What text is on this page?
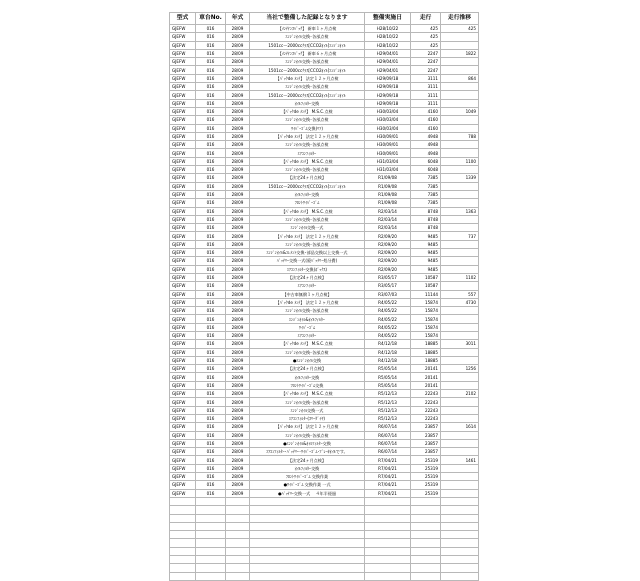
型式	車台No.	年式	当社で整備した記録となります	整備実施日	走行	走行推移
GJEFW	016	28/09	【ﾒﾝﾃﾅﾝｽﾊﾟｯｸ】 新車１ヶ月点検	H28/10/22	425	425
GJEFW	016	28/09	ｴﾝｼﾞﾝｵｲﾙ交換･各部点検	H28/10/22	425	
GJEFW	016	28/09	1501cc～2000ccｸﾗｽ[CCO2ｵｲﾙ]ｴﾝｼﾞﾝｵｲﾙ	H28/10/22	425	
GJEFW	016	28/09	【ﾒﾝﾃﾅﾝｽﾊﾟｯｸ】 新車６ヶ月点検	H29/04/01	2247	1822
GJEFW	016	28/09	ｴﾝｼﾞﾝｵｲﾙ交換･各部点検	H29/04/01	2247	
GJEFW	016	28/09	1501cc～2000ccｸﾗｽ[CCO2ｵｲﾙ]ｴﾝｼﾞﾝｵｲﾙ	H29/04/01	2247	
GJEFW	016	28/09	【ﾊﾟｯｸde ﾒﾝﾃ】 法定１２ヶ月点検	H29/09/18	3111	864
GJEFW	016	28/09	ｴﾝｼﾞﾝｵｲﾙ交換･各部点検	H29/09/18	3111	
GJEFW	016	28/09	1501cc～2000ccｸﾗｽ[CCO2ｵｲﾙ]ｴﾝｼﾞﾝｵｲﾙ	H29/09/18	3111	
GJEFW	016	28/09	ｵｲﾙﾌｨﾙﾀｰ交換	H29/09/18	3111	
GJEFW	016	28/09	【ﾊﾟｯｸde ﾒﾝﾃ】 M.S.C.点検	H30/03/04	4160	1049
GJEFW	016	28/09	ｴﾝｼﾞﾝｵｲﾙ交換･各部点検	H30/03/04	4160	
GJEFW	016	28/09	ﾜｲﾊﾟｰｺﾞﾑ交換(ﾘｱ)	H30/03/04	4160	
GJEFW	016	28/09	【ﾊﾟｯｸde ﾒﾝﾃ】 法定１２ヶ月点検	H30/09/01	4948	788
GJEFW	016	28/09	ｴﾝｼﾞﾝｵｲﾙ交換･各部点検	H30/09/01	4948	
GJEFW	016	28/09	ｴｱｺﾝﾌｨﾙﾀｰ	H30/09/01	4948	
GJEFW	016	28/09	【ﾊﾟｯｸde ﾒﾝﾃ】 M.S.C.点検	H31/03/04	6048	1100
GJEFW	016	28/09	ｴﾝｼﾞﾝｵｲﾙ交換･各部点検	H31/03/04	6048	
GJEFW	016	28/09	【法定24ヶ月点検】	R1/09/08	7385	1339
GJEFW	016	28/09	1501cc～2000ccｸﾗｽ[CCO2ｵｲﾙ]ｴﾝｼﾞﾝｵｲﾙ	R1/09/08	7385	
GJEFW	016	28/09	ｵｲﾙﾌｨﾙﾀｰ交換	R1/09/08	7385	
GJEFW	016	28/09	ﾌﾛﾝﾄﾜｲﾊﾟｰｺﾞﾑ	R1/09/08	7385	
GJEFW	016	28/09	【ﾊﾟｯｸde ﾒﾝﾃ】 M.S.C.点検	R2/03/14	8748	1363
GJEFW	016	28/09	ｴﾝｼﾞﾝｵｲﾙ交換･各部点検	R2/03/14	8748	
GJEFW	016	28/09	ｴﾝｼﾞﾝｵｲﾙ交換一式	R2/03/14	8748	
GJEFW	016	28/09	【ﾊﾟｯｸde ﾒﾝﾃ】 法定１２ヶ月点検	R2/09/20	9485	737
GJEFW	016	28/09	ｴﾝｼﾞﾝｵｲﾙ交換･各部点検	R2/09/20	9485	
GJEFW	016	28/09	ｴﾝｼﾞﾝｵｲﾙ&ｴﾚﾒﾝﾄ交換･部品交換以上交換一式	R2/09/20	9485	
GJEFW	016	28/09	ﾊﾞｯﾃﾘｰ交換一式(廃ﾊﾞｯﾃﾘｰ処分費)	R2/09/20	9485	
GJEFW	016	28/09	ｴｱｺﾝﾌｨﾙﾀｰ交換(ﾎﾞｯｸｽ)	R2/09/20	9485	
GJEFW	016	28/09	【法定24ヶ月点検】	R3/05/17	10587	1102
GJEFW	016	28/09	ｴｱｺﾝﾌｨﾙﾀｰ	R3/05/17	10587	
GJEFW	016	28/09	【中古車無償１ヶ月点検】	R3/07/03	11144	557
GJEFW	016	28/09	【ﾊﾟｯｸde ﾒﾝﾃ】 法定１２ヶ月点検	R4/05/22	15874	4730
GJEFW	016	28/09	ｴﾝｼﾞﾝｵｲﾙ交換･各部点検	R4/05/22	15874	
GJEFW	016	28/09	ｴﾝｼﾞﾝｵｲﾙ&ｵｲﾙﾌｨﾙﾀｰ	R4/05/22	15874	
GJEFW	016	28/09	ﾜｲﾊﾟｰｺﾞﾑ	R4/05/22	15874	
GJEFW	016	28/09	ｴｱｺﾝﾌｨﾙﾀｰ	R4/05/22	15874	
GJEFW	016	28/09	【ﾊﾟｯｸde ﾒﾝﾃ】 M.S.C.点検	R4/12/18	18885	3011
GJEFW	016	28/09	ｴﾝｼﾞﾝｵｲﾙ交換･各部点検	R4/12/18	18885	
GJEFW	016	28/09	●ｴﾝｼﾞﾝｵｲﾙ交換	R4/12/18	18885	
GJEFW	016	28/09	【法定24ヶ月点検】	R5/05/14	20141	1256
GJEFW	016	28/09	ｵｲﾙﾌｨﾙﾀｰ交換	R5/05/14	20141	
GJEFW	016	28/09	ﾌﾛﾝﾄﾜｲﾊﾟｰｺﾞﾑ交換	R5/05/14	20141	
GJEFW	016	28/09	【ﾊﾟｯｸde ﾒﾝﾃ】 M.S.C.点検	R5/12/13	22243	2102
GJEFW	016	28/09	ｴﾝｼﾞﾝｵｲﾙ交換･各部点検	R5/12/13	22243	
GJEFW	016	28/09	ｴﾝｼﾞﾝｵｲﾙ交換一式	R5/12/13	22243	
GJEFW	016	28/09	ｴｱｺﾝﾌｨﾙﾀｰ(ｽﾘｰﾀﾞｲﾔ)	R5/12/13	22243	
GJEFW	016	28/09	【ﾊﾟｯｸde ﾒﾝﾃ】 法定１２ヶ月点検	R6/07/14	23857	1614
GJEFW	016	28/09	ｴﾝｼﾞﾝｵｲﾙ交換･各部点検	R6/07/14	23857	
GJEFW	016	28/09	●ｴﾝｼﾞﾝｵｲﾙ&ｵｲﾙﾌｨﾙﾀｰ交換	R6/07/14	23857	
GJEFW	016	28/09	ｴｱｺﾝﾌｨﾙﾀｰ･ﾊﾞｯﾃﾘｰ･ﾜｲﾊﾟｰｺﾞﾑ･ﾌﾞﾚｰｷｵｲﾙです。	R6/07/14	23857	
GJEFW	016	28/09	【法定24ヶ月点検】	R7/04/21	25319	1461
GJEFW	016	28/09	ｵｲﾙﾌｨﾙﾀｰ交換	R7/04/21	25319	
GJEFW	016	28/09	ﾌﾛﾝﾄﾜｲﾊﾟｰｺﾞﾑ 交換作業	R7/04/21	25319	
GJEFW	016	28/09	●ﾜｲﾊﾟｰｺﾞﾑ 交換作業 一式	R7/04/21	25319	
GJEFW	016	28/09	●ﾊﾞｯﾃﾘｰ交換一式　 ４年半経過	R7/04/21	25319	
